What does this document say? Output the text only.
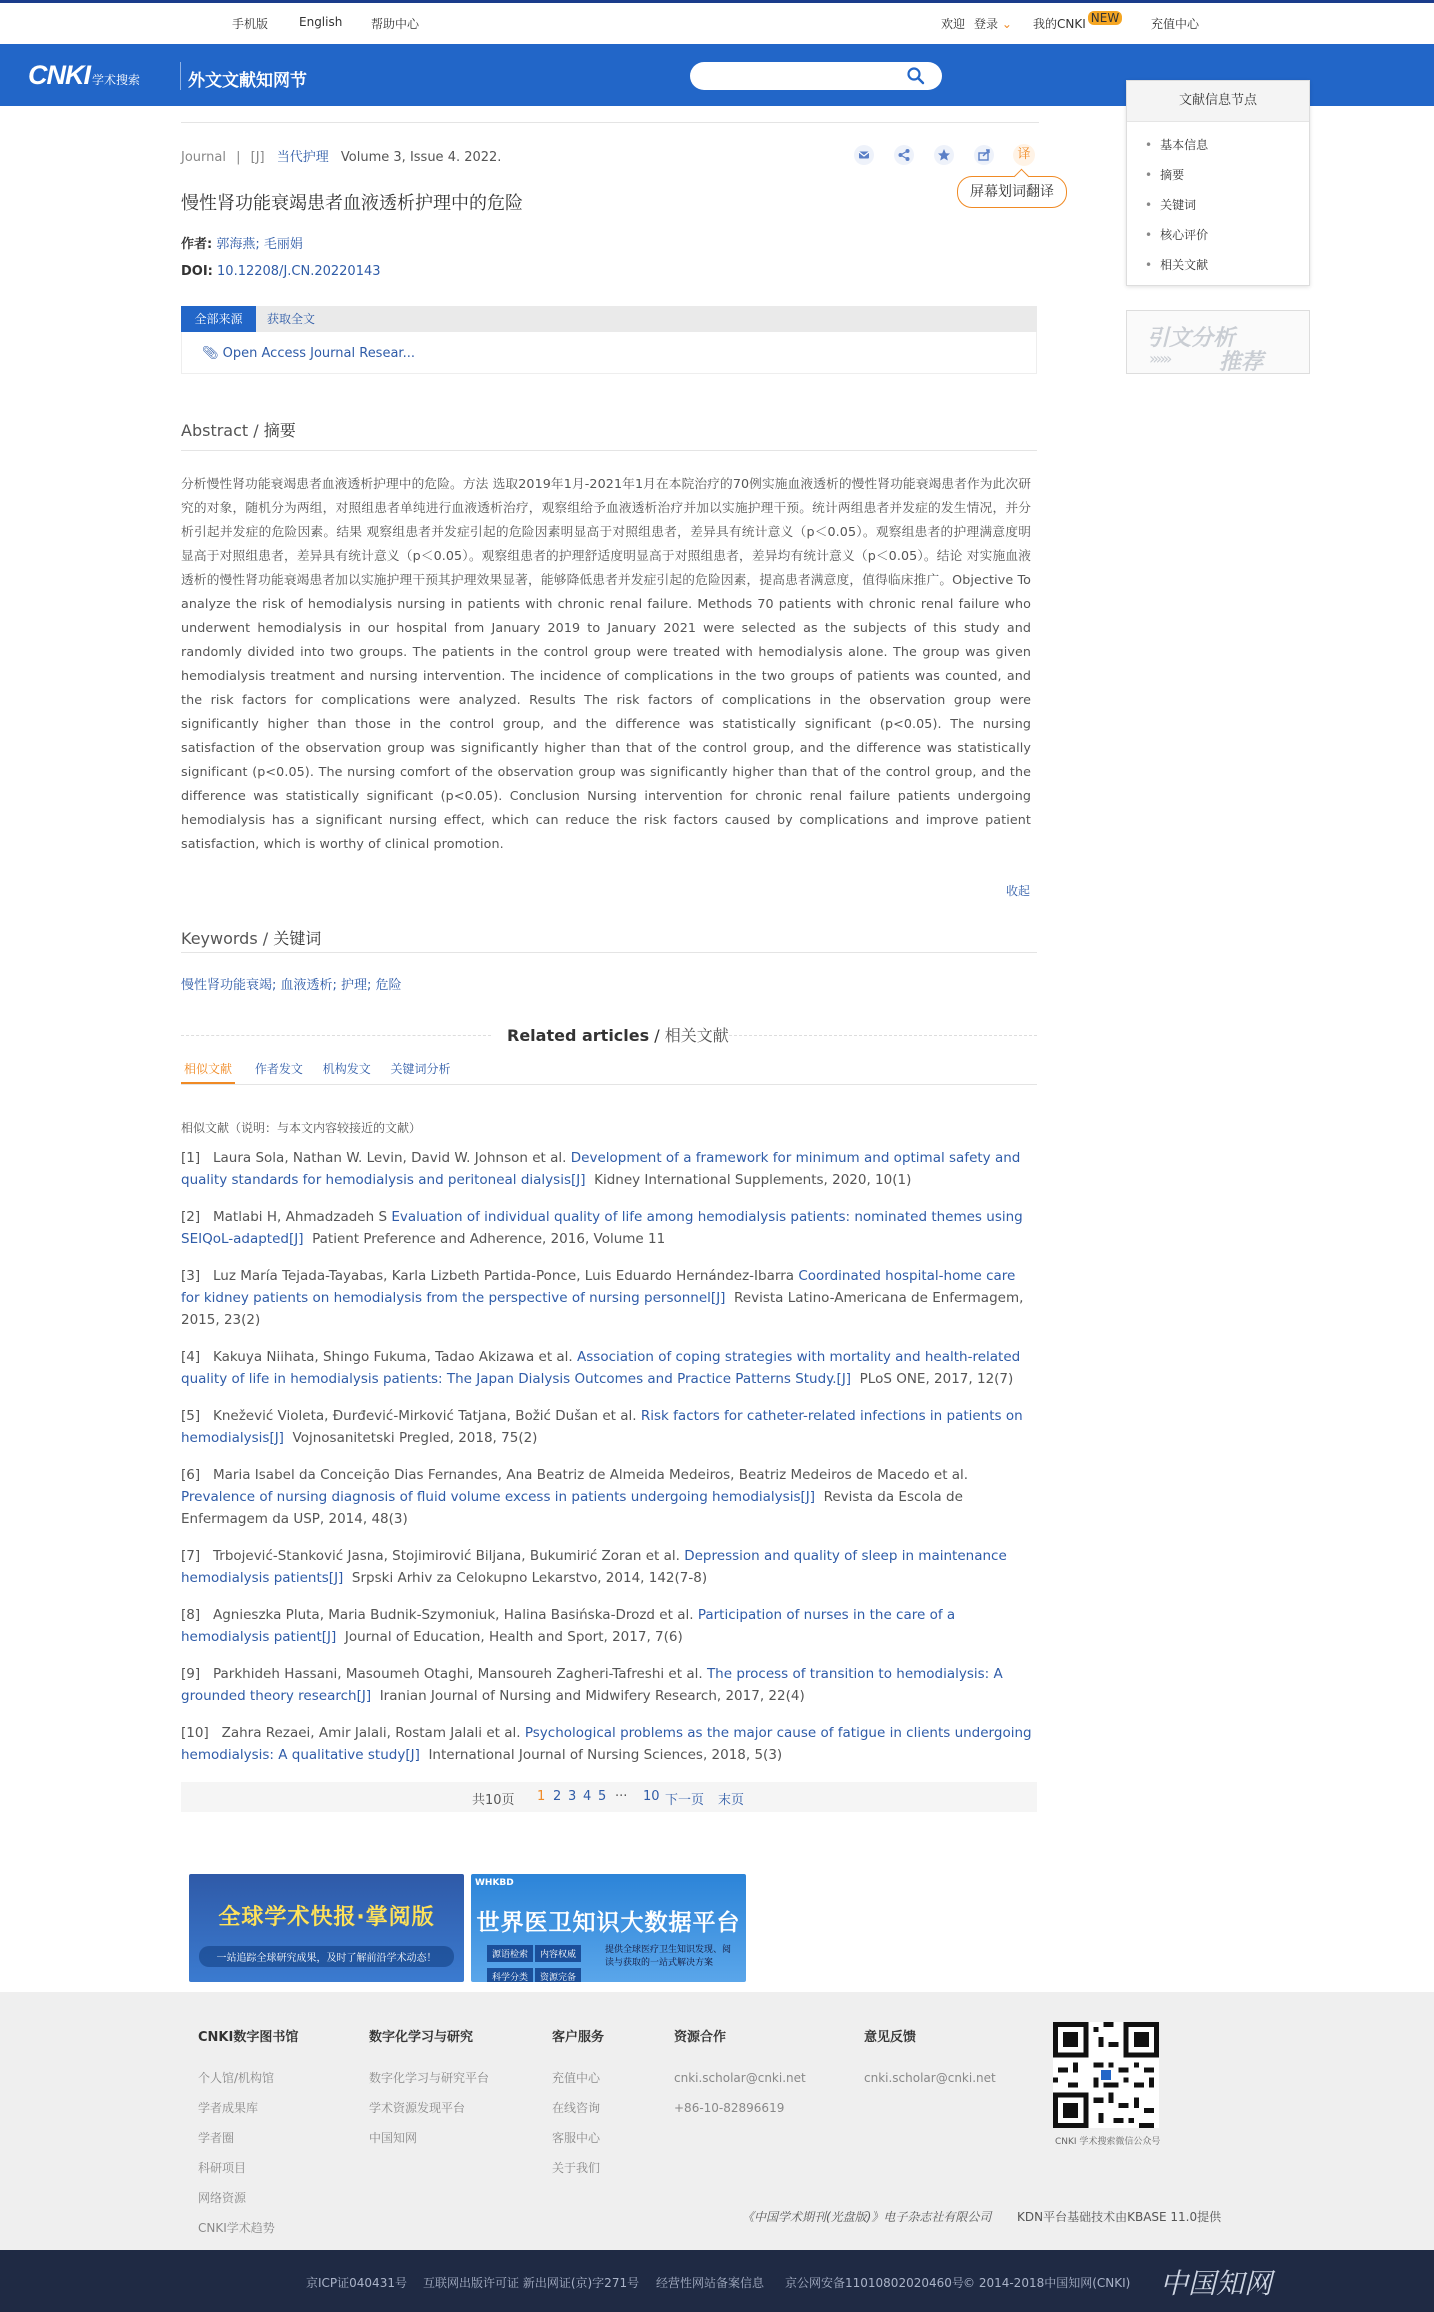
手机版	English 帮助中心	欢迎 登录 ⌄ 我的CNKI NEW	充值中心
CNKI 学术搜索	外文文献知网节
文献信息节点
• 基本信息
• 摘要
• 关键词
• 核心评价
• 相关文献
引文分析
›››››› 推荐
Journal | [J] 当代护理 Volume 3, Issue 4. 2022.	译
屏幕划词翻译
慢性肾功能衰竭患者血液透析护理中的危险
作者: 郭海燕; 毛丽娟
DOI: 10.12208/J.CN.20220143
全部来源	获取全文
📎︎ Open Access Journal Resear...
Abstract / 摘要
分析慢性肾功能衰竭患者血液透析护理中的危险。方法 选取2019年1月-2021年1月在本院治疗的70例实施血液透析的慢性肾功能衰竭患者作为此次研究的对象，随机分为两组，对照组患者单纯进行血液透析治疗，观察组给予血液透析治疗并加以实施护理干预。统计两组患者并发症的发生情况，并分析引起并发症的危险因素。结果 观察组患者并发症引起的危险因素明显高于对照组患者，差异具有统计意义（p＜0.05）。观察组患者的护理满意度明显高于对照组患者，差异具有统计意义（p＜0.05）。观察组患者的护理舒适度明显高于对照组患者，差异均有统计意义（p＜0.05）。结论 对实施血液透析的慢性肾功能衰竭患者加以实施护理干预其护理效果显著，能够降低患者并发症引起的危险因素，提高患者满意度，值得临床推广。Objective To analyze the risk of hemodialysis nursing in patients with chronic renal failure. Methods 70 patients with chronic renal failure who underwent hemodialysis in our hospital from January 2019 to January 2021 were selected as the subjects of this study and randomly divided into two groups. The patients in the control group were treated with hemodialysis alone. The group was given hemodialysis treatment and nursing intervention. The incidence of complications in the two groups of patients was counted, and the risk factors for complications were analyzed. Results The risk factors of complications in the observation group were significantly higher than those in the control group, and the difference was statistically significant (p<0.05). The nursing satisfaction of the observation group was significantly higher than that of the control group, and the difference was statistically significant (p<0.05). The nursing comfort of the observation group was significantly higher than that of the control group, and the difference was statistically significant (p<0.05). Conclusion Nursing intervention for chronic renal failure patients undergoing hemodialysis has a significant nursing effect, which can reduce the risk factors caused by complications and improve patient satisfaction, which is worthy of clinical promotion.
收起
Keywords / 关键词
慢性肾功能衰竭; 血液透析; 护理; 危险
Related articles / 相关文献
相似文献 作者发文 机构发文 关键词分析
相似文献（说明：与本文内容较接近的文献）
[1] Laura Sola, Nathan W. Levin, David W. Johnson et al. Development of a framework for minimum and optimal safety and quality standards for hemodialysis and peritoneal dialysis[J] Kidney International Supplements, 2020, 10(1)
[2] Matlabi H, Ahmadzadeh S Evaluation of individual quality of life among hemodialysis patients: nominated themes using SEIQoL-adapted[J] Patient Preference and Adherence, 2016, Volume 11
[3] Luz María Tejada-Tayabas, Karla Lizbeth Partida-Ponce, Luis Eduardo Hernández-Ibarra Coordinated hospital-home care for kidney patients on hemodialysis from the perspective of nursing personnel[J] Revista Latino-Americana de Enfermagem, 2015, 23(2)
[4] Kakuya Niihata, Shingo Fukuma, Tadao Akizawa et al. Association of coping strategies with mortality and health-related quality of life in hemodialysis patients: The Japan Dialysis Outcomes and Practice Patterns Study.[J] PLoS ONE, 2017, 12(7)
[5] Knežević Violeta, Đurđević-Mirković Tatjana, Božić Dušan et al. Risk factors for catheter-related infections in patients on hemodialysis[J] Vojnosanitetski Pregled, 2018, 75(2)
[6] Maria Isabel da Conceição Dias Fernandes, Ana Beatriz de Almeida Medeiros, Beatriz Medeiros de Macedo et al. Prevalence of nursing diagnosis of fluid volume excess in patients undergoing hemodialysis[J] Revista da Escola de Enfermagem da USP, 2014, 48(3)
[7] Trbojević-Stanković Jasna, Stojimirović Biljana, Bukumirić Zoran et al. Depression and quality of sleep in maintenance hemodialysis patients[J] Srpski Arhiv za Celokupno Lekarstvo, 2014, 142(7-8)
[8] Agnieszka Pluta, Maria Budnik-Szymoniuk, Halina Basińska-Drozd et al. Participation of nurses in the care of a hemodialysis patient[J] Journal of Education, Health and Sport, 2017, 7(6)
[9] Parkhideh Hassani, Masoumeh Otaghi, Mansoureh Zagheri-Tafreshi et al. The process of transition to hemodialysis: A grounded theory research[J] Iranian Journal of Nursing and Midwifery Research, 2017, 22(4)
[10] Zahra Rezaei, Amir Jalali, Rostam Jalali et al. Psychological problems as the major cause of fatigue in clients undergoing hemodialysis: A qualitative study[J] International Journal of Nursing Sciences, 2018, 5(3)
共10页 1 2 3 4 5 ··· 10 下一页 末页
全球学术快报·掌阅版
一站追踪全球研究成果，及时了解前沿学术动态！
WHKBD
世界医卫知识大数据平台
源语检索 内容权威
科学分类 资源完备
提供全球医疗卫生知识发现、阅读与获取的一站式解决方案
CNKI数字图书馆
个人馆/机构馆
学者成果库
学者圈
科研项目
网络资源
CNKI学术趋势
数字化学习与研究
数字化学习与研究平台
学术资源发现平台
中国知网
客户服务
充值中心
在线咨询
客服中心
关于我们
资源合作
cnki.scholar@cnki.net
+86-10-82896619
意见反馈
cnki.scholar@cnki.net
CNKI 学术搜索微信公众号
《中国学术期刊(光盘版)》电子杂志社有限公司 KDN平台基础技术由KBASE 11.0提供
京ICP证040431号 互联网出版许可证 新出网证(京)字271号 经营性网站备案信息 京公网安备11010802020460号 © 2014-2018中国知网(CNKI) 中国知网
